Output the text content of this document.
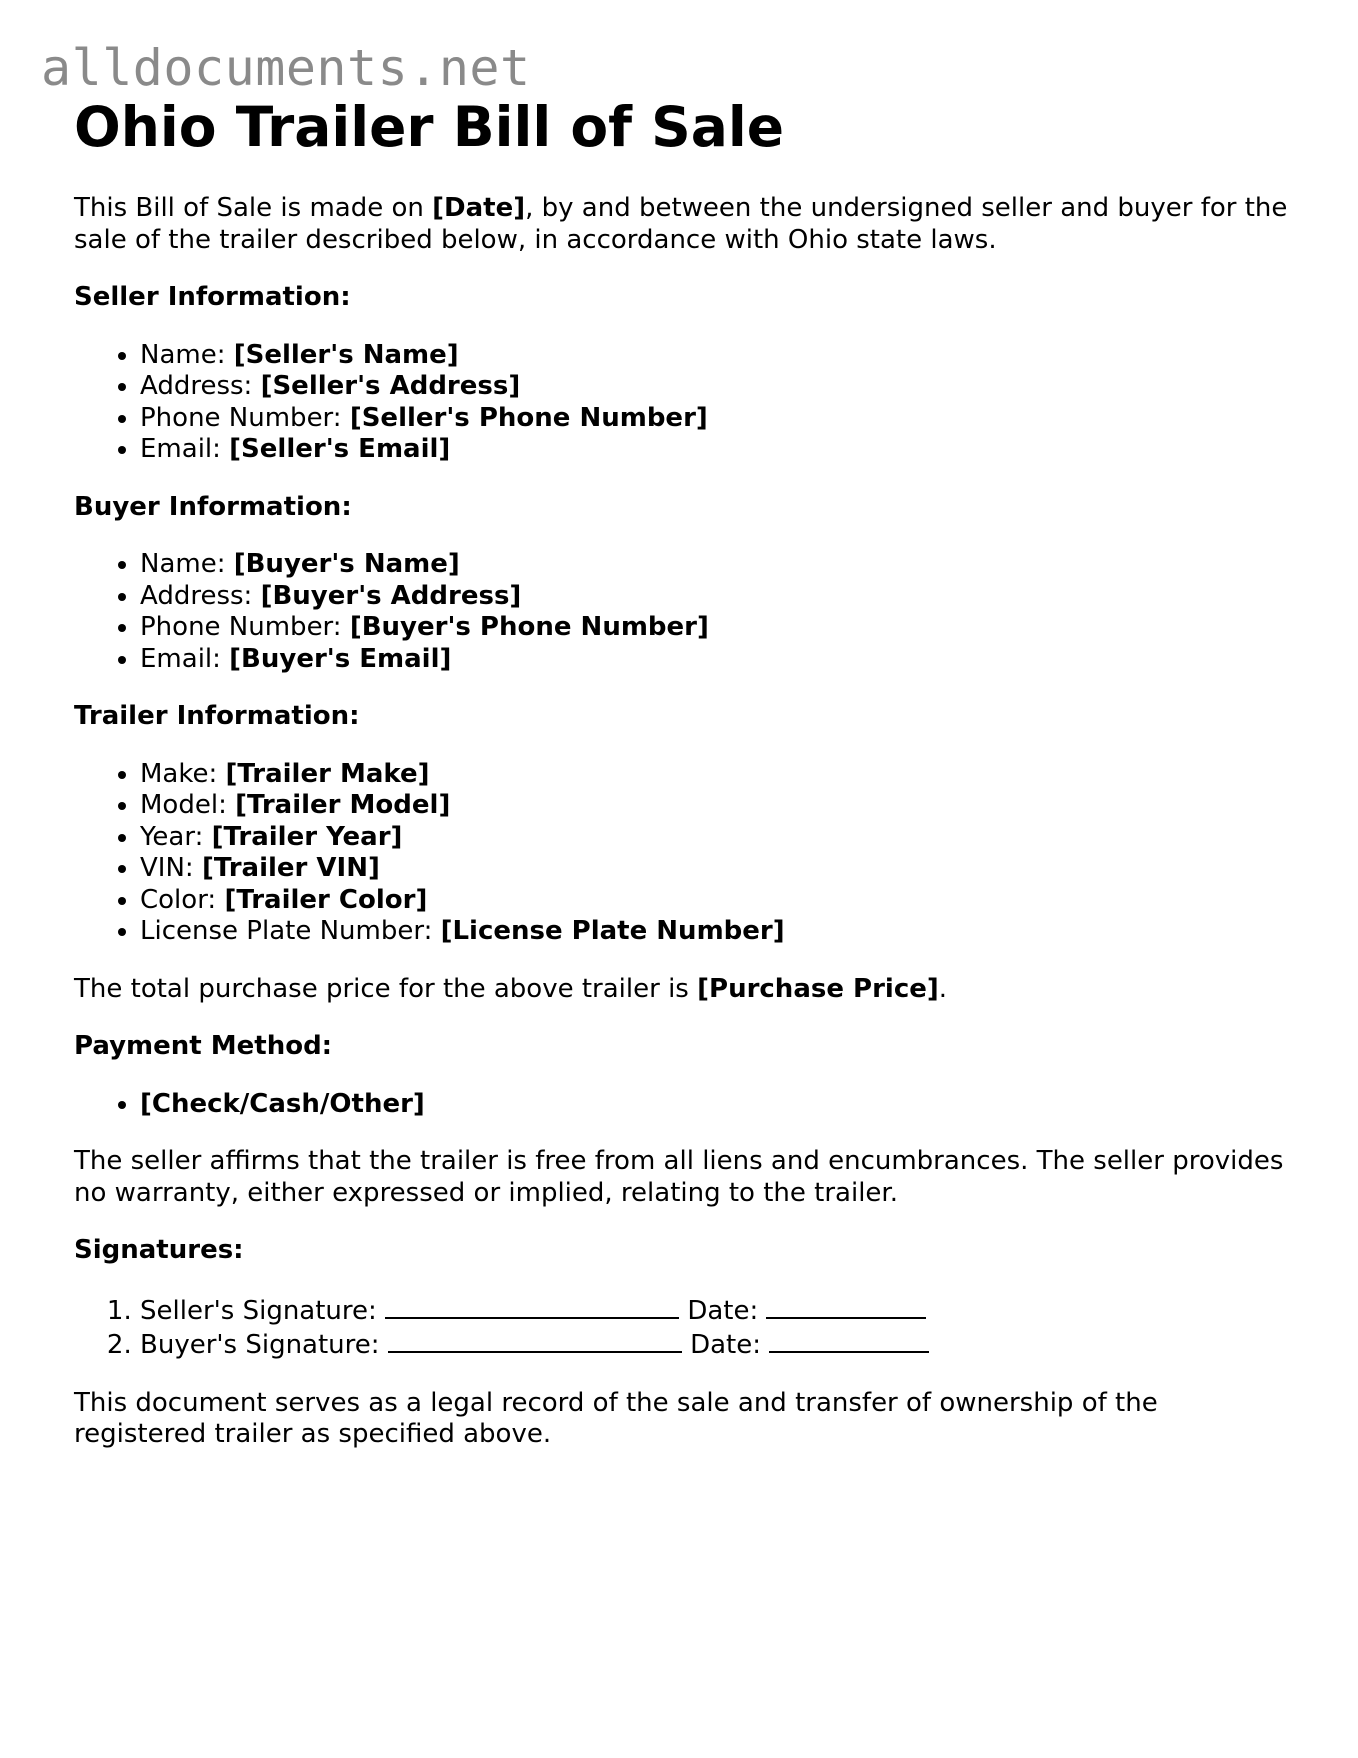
alldocuments.net
Ohio Trailer Bill of Sale

This Bill of Sale is made on [Date], by and between the undersigned seller and buyer for the sale of the trailer described below, in accordance with Ohio state laws.

Seller Information:
• Name: [Seller's Name]
• Address: [Seller's Address]
• Phone Number: [Seller's Phone Number]
• Email: [Seller's Email]
Buyer Information:
• Name: [Buyer's Name]
• Address: [Buyer's Address]
• Phone Number: [Buyer's Phone Number]
• Email: [Buyer's Email]
Trailer Information:
• Make: [Trailer Make]
• Model: [Trailer Model]
• Year: [Trailer Year]
• VIN: [Trailer VIN]
• Color: [Trailer Color]
• License Plate Number: [License Plate Number]

The total purchase price for the above trailer is [Purchase Price].

Payment Method:
• [Check/Cash/Other]

The seller affirms that the trailer is free from all liens and encumbrances. The seller provides no warranty, either expressed or implied, relating to the trailer.

Signatures:
1. Seller's Signature:	Date:
2. Buyer's Signature:	Date:

This document serves as a legal record of the sale and transfer of ownership of the registered trailer as specified above.
